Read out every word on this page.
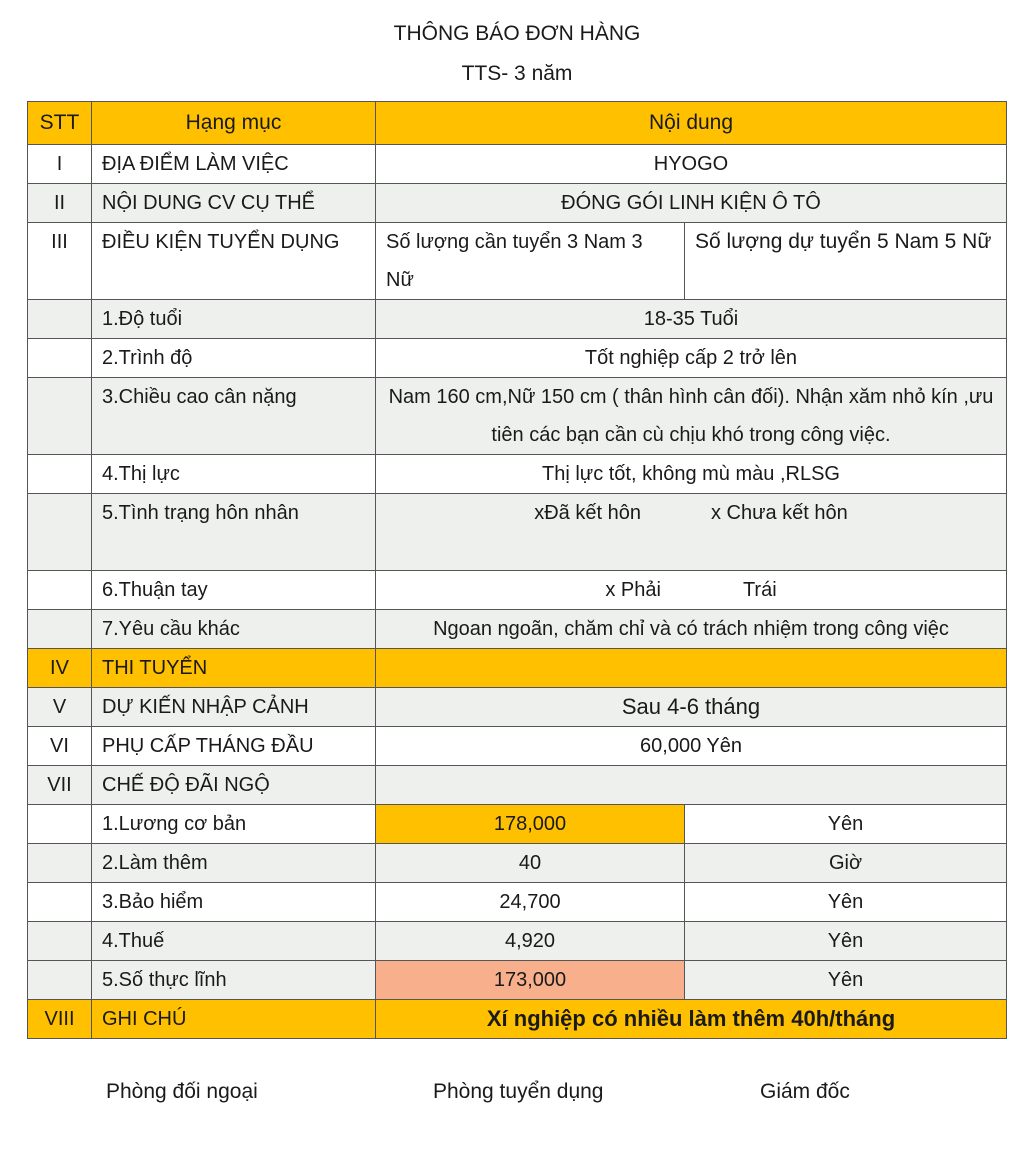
THÔNG BÁO ĐƠN HÀNG
TTS- 3 năm
STT	Hạng mục	Nội dung	
I	ĐỊA ĐIỂM LÀM VIỆC	HYOGO	
II	NỘI DUNG CV CỤ THỂ	ĐÓNG GÓI LINH KIỆN Ô TÔ	
III	ĐIỀU KIỆN TUYỂN DỤNG	Số lượng cần tuyển 3 Nam 3 Nữ	Số lượng dự tuyển 5 Nam 5 Nữ
	1.Độ tuổi	18-35 Tuổi	
	2.Trình độ	Tốt nghiệp cấp 2 trở lên	
	3.Chiều cao cân nặng	Nam 160 cm,Nữ 150 cm ( thân hình cân đối). Nhận xăm nhỏ kín ,ưu tiên các bạn cần cù chịu khó trong công việc.	
	4.Thị lực	Thị lực tốt, không mù màu ,RLSG	
	5.Tình trạng hôn nhân	xĐã kết hôn x Chưa kết hôn	
	6.Thuận tay	x Phải Trái	
	7.Yêu cầu khác	Ngoan ngoãn, chăm chỉ và có trách nhiệm trong công việc	
IV	THI TUYỂN		
V	DỰ KIẾN NHẬP CẢNH	Sau 4-6 tháng	
VI	PHỤ CẤP THÁNG ĐẦU	60,000 Yên	
VII	CHẾ ĐỘ ĐÃI NGỘ		
	1.Lương cơ bản	178,000	Yên
	2.Làm thêm	40	Giờ
	3.Bảo hiểm	24,700	Yên
	4.Thuế	4,920	Yên
	5.Số thực lĩnh	173,000	Yên
VIII	GHI CHÚ	Xí nghiệp có nhiều làm thêm 40h/tháng	
Phòng đối ngoại	Phòng tuyển dụng	Giám đốc
